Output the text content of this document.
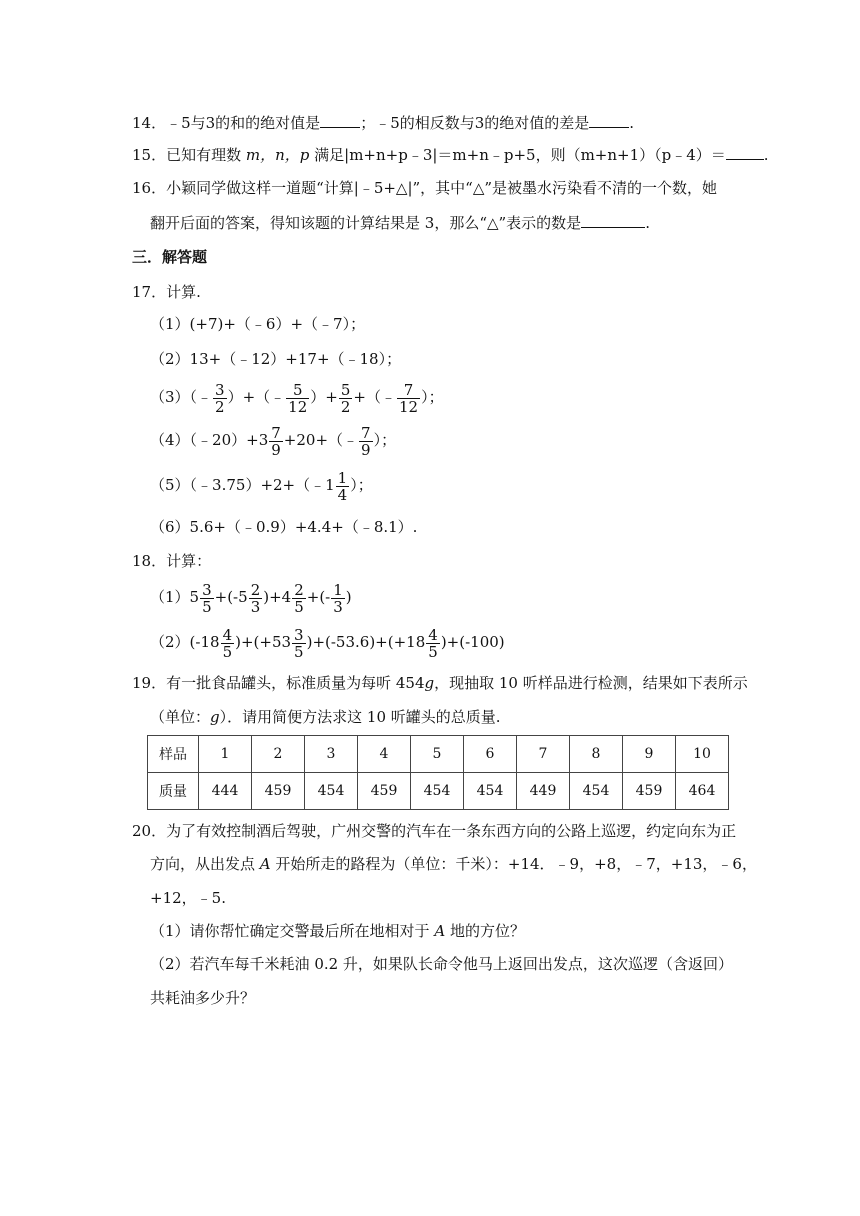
14．﹣5与3的和的绝对值是	；﹣5的相反数与3的绝对值的差是	.
15．已知有理数 m，n，p 满足|m+n+p﹣3|＝m+n﹣p+5，则（m+n+1）（p﹣4）＝	.
16．小颖同学做这样一道题“计算|﹣5+△|”，其中“△”是被墨水污染看不清的一个数，她
翻开后面的答案，得知该题的计算结果是 3，那么“△”表示的数是	.
三．解答题
17．计算.
（1）(+7)+（﹣6）+（﹣7）；
（2）13+（﹣12）+17+（﹣18）；
（3）（﹣ $\frac{3}{2}$ ）+（﹣ $\frac{5}{12}$ ）+ $\frac{5}{2}$ +（﹣ $\frac{7}{12}$ ）；
（4）（﹣20）+3 $\frac{7}{9}$ +20+（﹣ $\frac{7}{9}$ ）；
（5）（﹣3.75）+2+（﹣1 $\frac{1}{4}$ ）；
（6）5.6+（﹣0.9）+4.4+（﹣8.1）.
18．计算：
$(1)5 \frac{3}{5} +(-5 \frac{2}{3} )+4 \frac{2}{5}$ +(- $\frac{1}{3}$ )
$(2)(-18 \frac{4}{5} )+(+53 \frac{3}{5} )+(-53.6)+(+18 \frac{4}{5} )+(-100)$
19．有一批食品罐头，标准质量为每听 454g，现抽取 10 听样品进行检测，结果如下表所示
（单位：g）．请用简便方法求这 10 听罐头的总质量.
样品	1	2	3	4	5	6	7	8	9	10
质量	444	459	454	459	454	454	449	454	459	464
20．为了有效控制酒后驾驶，广州交警的汽车在一条东西方向的公路上巡逻，约定向东为正
方向，从出发点 A 开始所走的路程为（单位：千米）：+14．﹣9，+8，﹣7，+13，﹣6，
+12，﹣5.
（1）请你帮忙确定交警最后所在地相对于 A 地的方位？
（2）若汽车每千米耗油 0.2 升，如果队长命令他马上返回出发点，这次巡逻（含返回）
共耗油多少升？
